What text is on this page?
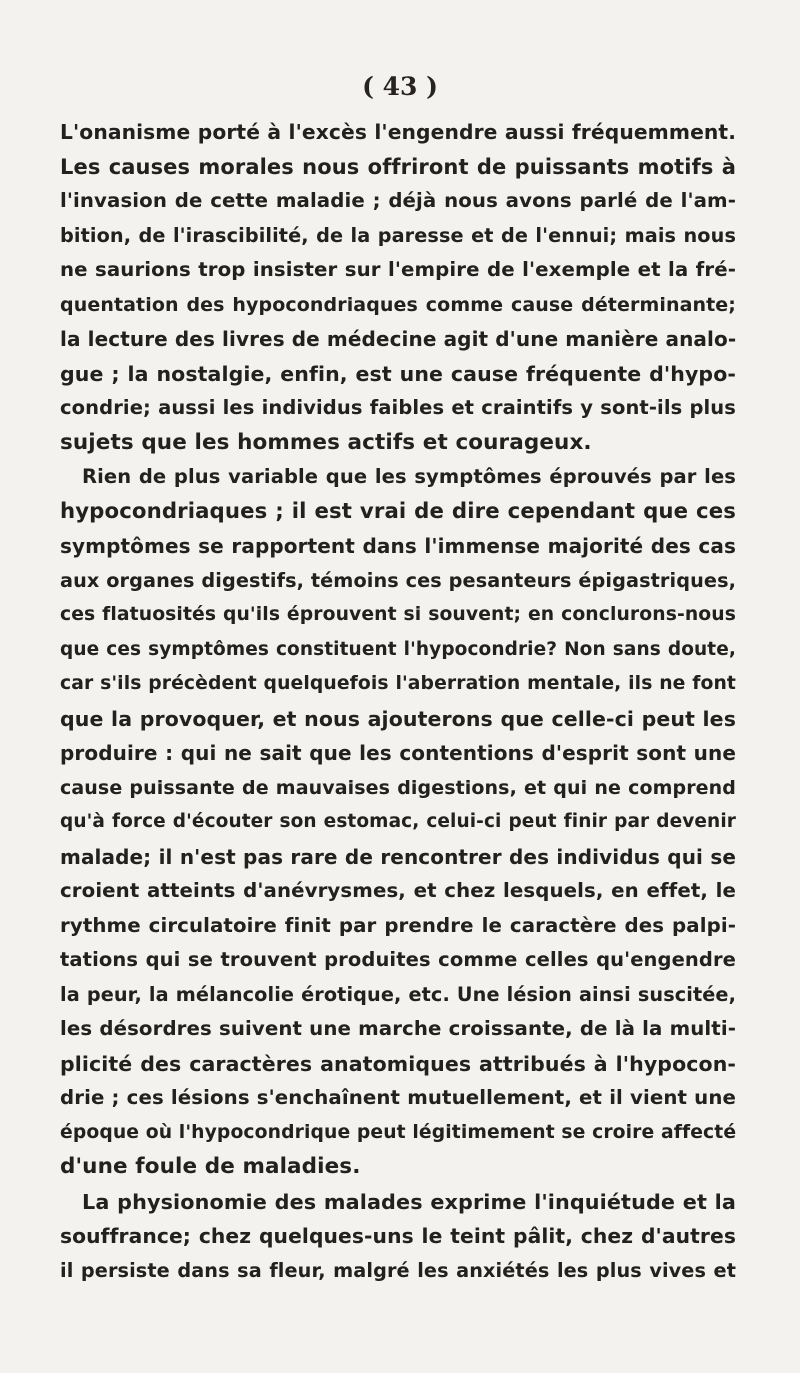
( 43 )
L'onanisme porté à l'excès l'engendre aussi fréquemment.
Les causes morales nous offriront de puissants motifs à
l'invasion de cette maladie ; déjà nous avons parlé de l'am-
bition, de l'irascibilité, de la paresse et de l'ennui; mais nous
ne saurions trop insister sur l'empire de l'exemple et la fré-
quentation des hypocondriaques comme cause déterminante;
la lecture des livres de médecine agit d'une manière analo-
gue ; la nostalgie, enfin, est une cause fréquente d'hypo-
condrie; aussi les individus faibles et craintifs y sont-ils plus
sujets que les hommes actifs et courageux.
Rien de plus variable que les symptômes éprouvés par les
hypocondriaques ; il est vrai de dire cependant que ces
symptômes se rapportent dans l'immense majorité des cas
aux organes digestifs, témoins ces pesanteurs épigastriques,
ces flatuosités qu'ils éprouvent si souvent; en conclurons-nous
que ces symptômes constituent l'hypocondrie? Non sans doute,
car s'ils précèdent quelquefois l'aberration mentale, ils ne font
que la provoquer, et nous ajouterons que celle-ci peut les
produire : qui ne sait que les contentions d'esprit sont une
cause puissante de mauvaises digestions, et qui ne comprend
qu'à force d'écouter son estomac, celui-ci peut finir par devenir
malade; il n'est pas rare de rencontrer des individus qui se
croient atteints d'anévrysmes, et chez lesquels, en effet, le
rythme circulatoire finit par prendre le caractère des palpi-
tations qui se trouvent produites comme celles qu'engendre
la peur, la mélancolie érotique, etc. Une lésion ainsi suscitée,
les désordres suivent une marche croissante, de là la multi-
plicité des caractères anatomiques attribués à l'hypocon-
drie ; ces lésions s'enchaînent mutuellement, et il vient une
époque où l'hypocondrique peut légitimement se croire affecté
d'une foule de maladies.
La physionomie des malades exprime l'inquiétude et la
souffrance; chez quelques-uns le teint pâlit, chez d'autres
il persiste dans sa fleur, malgré les anxiétés les plus vives et
